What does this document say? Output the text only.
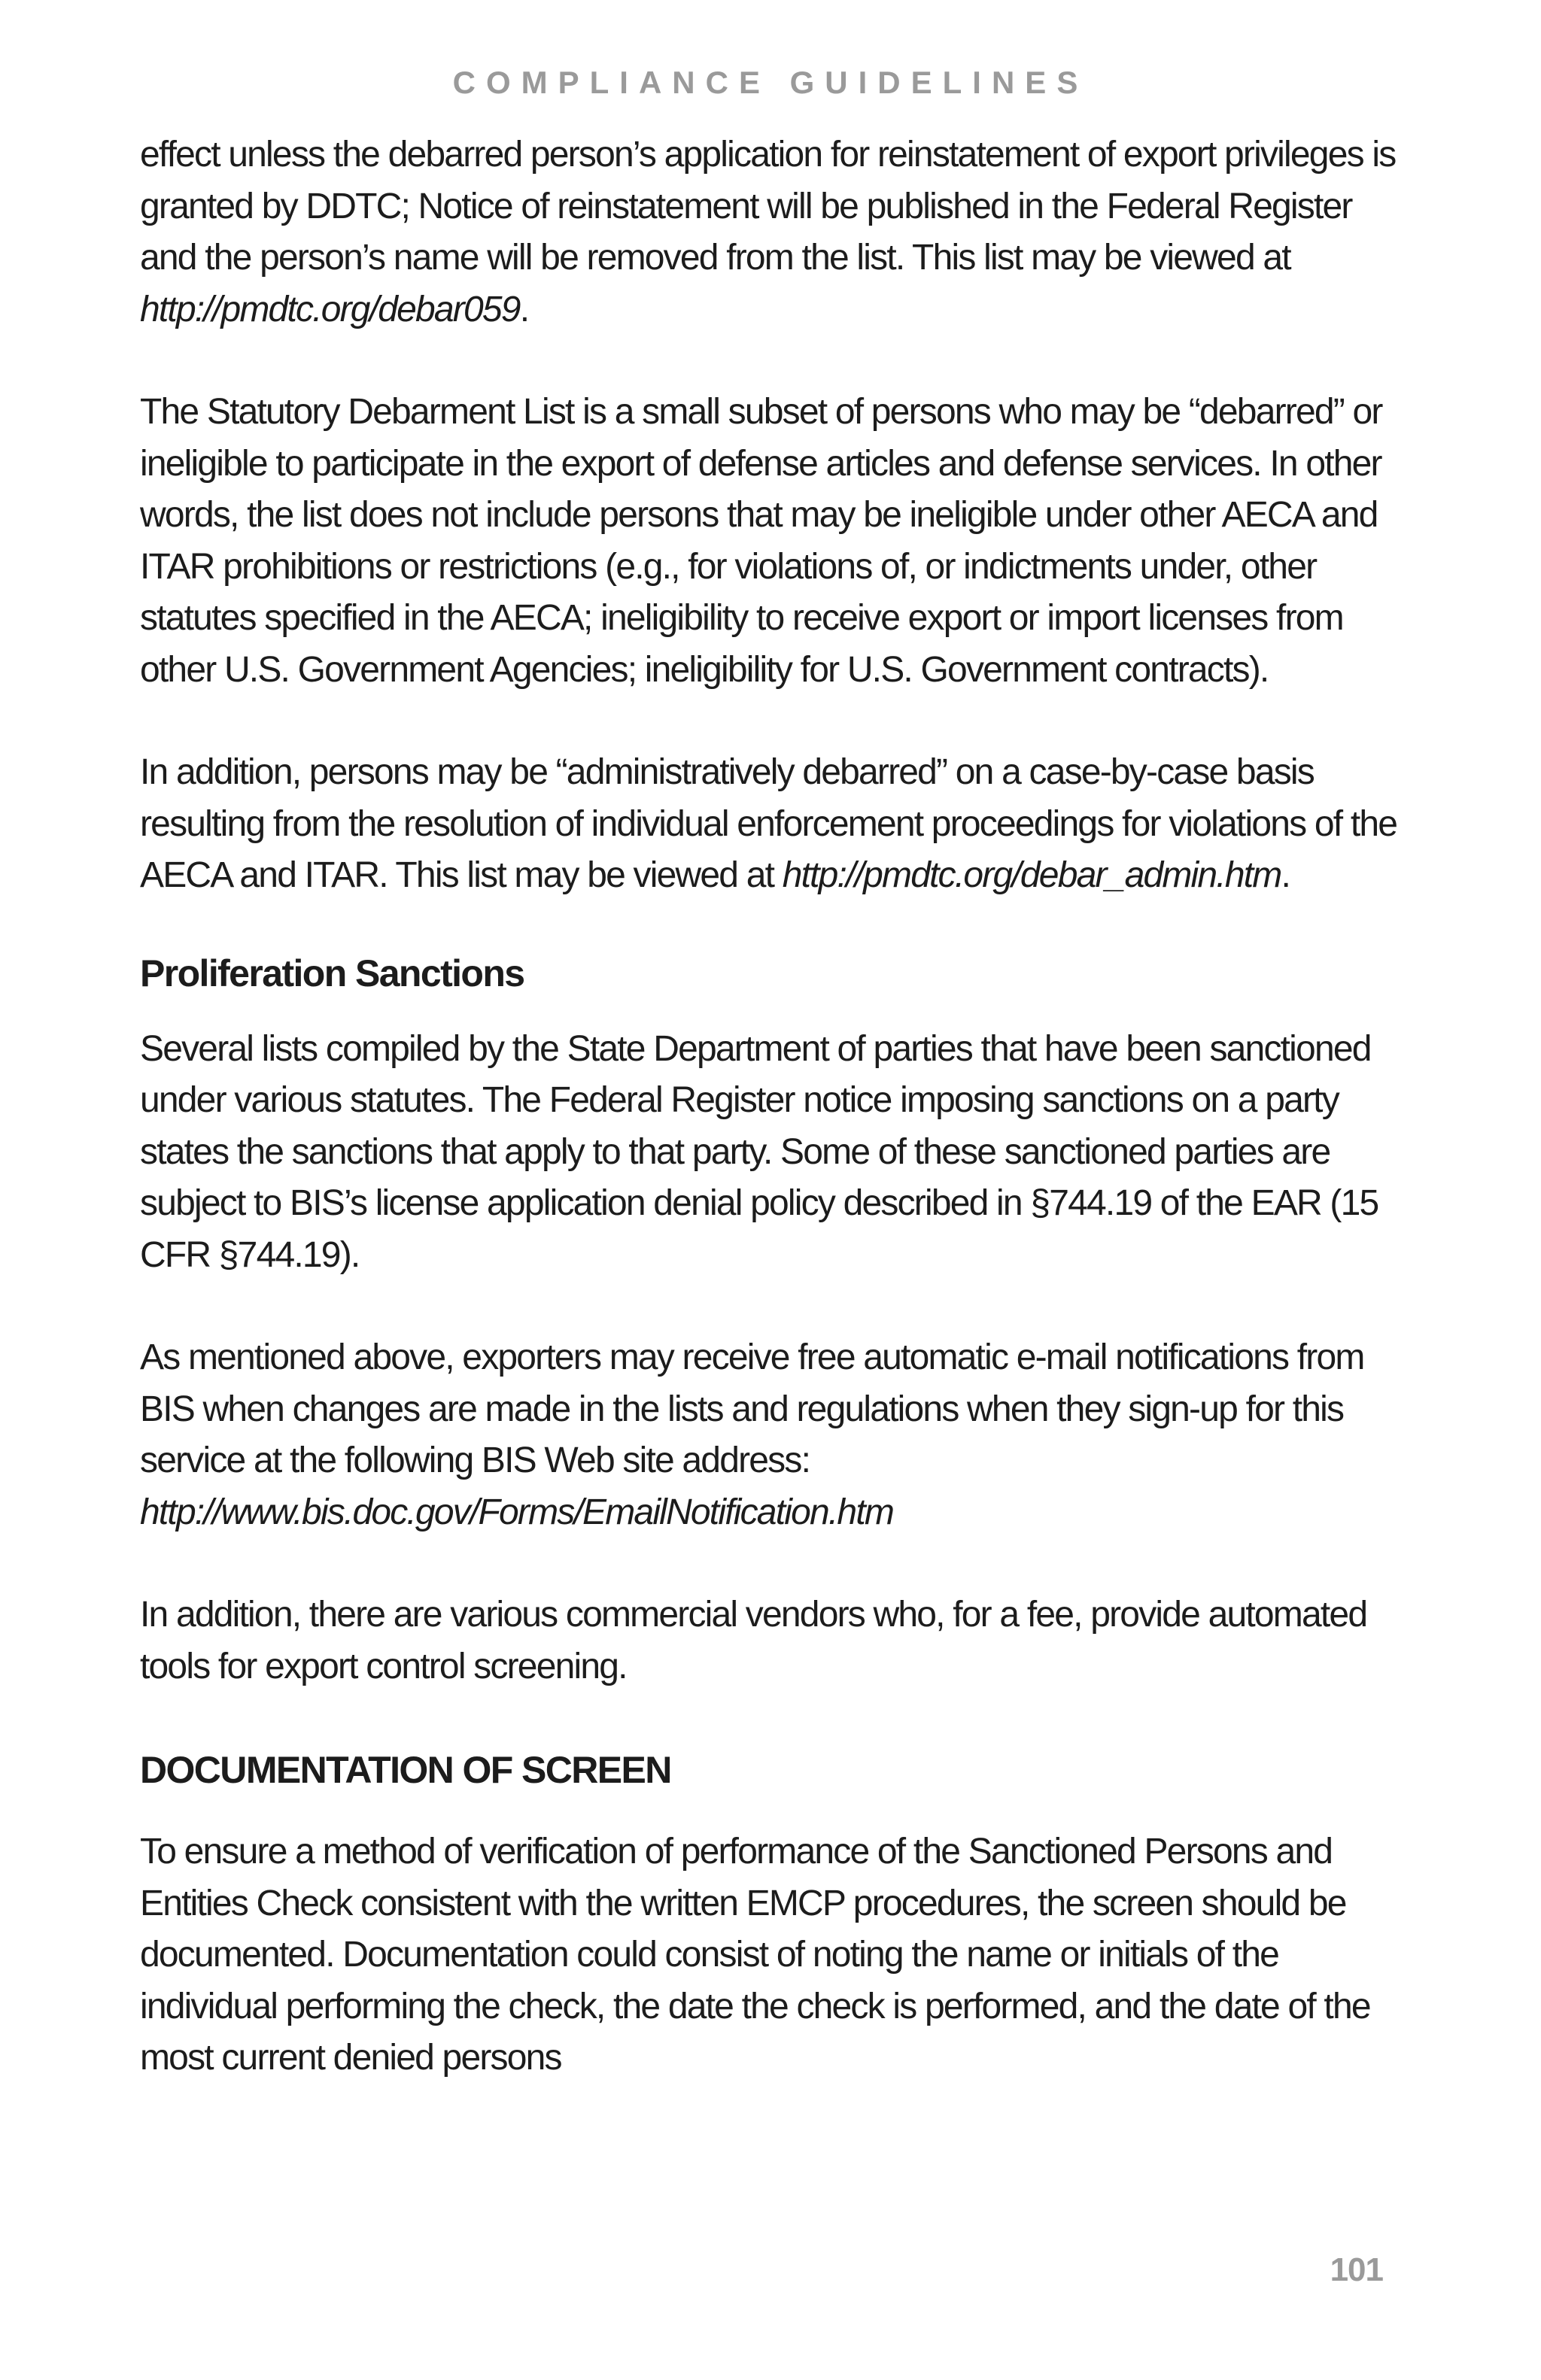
COMPLIANCE GUIDELINES

effect unless the debarred person’s application for reinstatement of export privileges is granted by DDTC; Notice of reinstatement will be published in the Federal Register and the person’s name will be removed from the list. This list may be viewed at http://pmdtc.org/debar059.

The Statutory Debarment List is a small subset of persons who may be “debarred” or ineligible to participate in the export of defense articles and defense services. In other words, the list does not include persons that may be ineligible under other AECA and ITAR prohibitions or restrictions (e.g., for violations of, or indictments under, other statutes specified in the AECA; ineligibility to receive export or import licenses from other U.S. Government Agencies; ineligibility for U.S. Government contracts).

In addition, persons may be “administratively debarred” on a case-by-case basis resulting from the resolution of individual enforcement proceedings for violations of the AECA and ITAR. This list may be viewed at http://pmdtc.org/debar_admin.htm.

Proliferation Sanctions

Several lists compiled by the State Department of parties that have been sanctioned under various statutes. The Federal Register notice imposing sanctions on a party states the sanctions that apply to that party. Some of these sanctioned parties are subject to BIS’s license application denial policy described in §744.19 of the EAR (15 CFR §744.19).

As mentioned above, exporters may receive free automatic e-mail notifications from BIS when changes are made in the lists and regulations when they sign-up for this service at the following BIS Web site address: http://www.bis.doc.gov/Forms/EmailNotification.htm

In addition, there are various commercial vendors who, for a fee, provide automated tools for export control screening.

DOCUMENTATION OF SCREEN

To ensure a method of verification of performance of the Sanctioned Persons and Entities Check consistent with the written EMCP procedures, the screen should be documented. Documentation could consist of noting the name or initials of the individual performing the check, the date the check is performed, and the date of the most current denied persons

101
